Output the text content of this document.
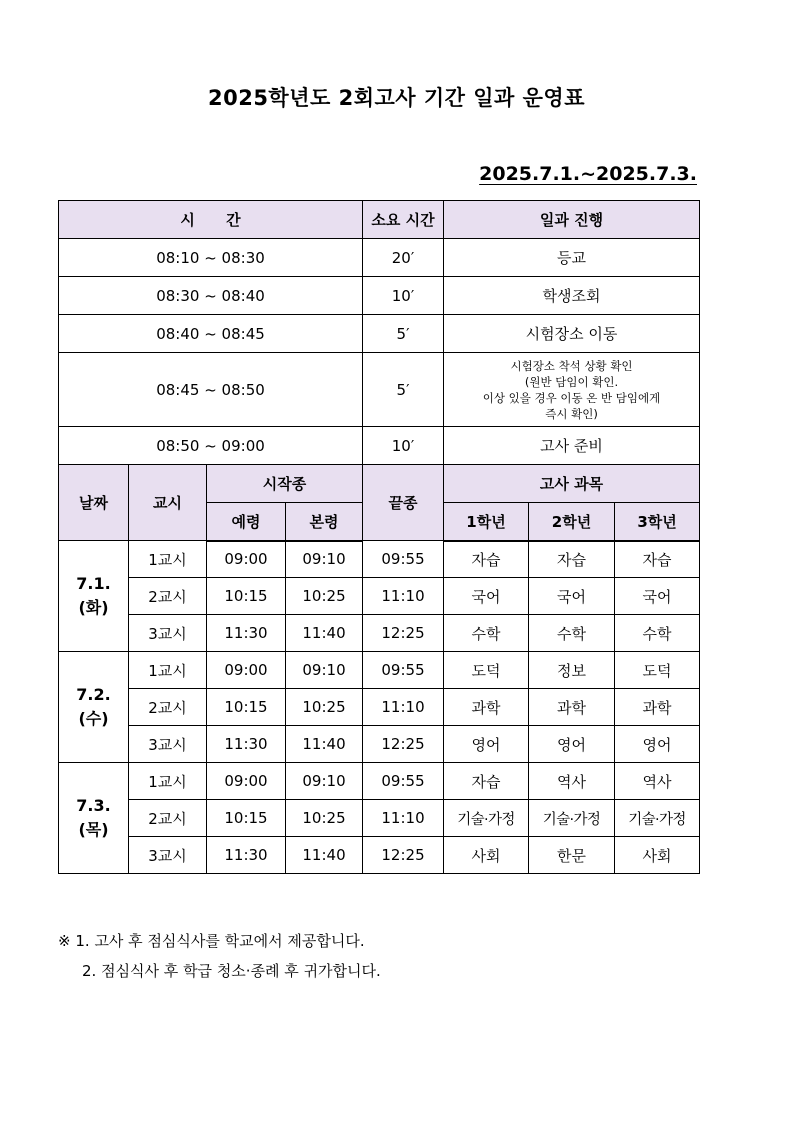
2025학년도 2회고사 기간 일과 운영표
2025.7.1.~2025.7.3.
시      간				소요 시간	일과 진행		
08:10 ~ 08:30				20′	등교		
08:30 ~ 08:40				10′	학생조회		
08:40 ~ 08:45				5′	시험장소 이동		
08:45 ~ 08:50				5′	시험장소 착석 상황 확인
(원반 담임이 확인.
이상 있을 경우 이동 온 반 담임에게
즉시 확인)		

08:50 ~ 09:00				10′	고사 준비		
날짜	교시	시작종		끝종	고사 과목		
		예령	본령		1학년	2학년	3학년

7.1.
(화)	1교시	09:00	09:10	09:55	자습	자습	자습
	2교시	10:15	10:25	11:10	국어	국어	국어
	3교시	11:30	11:40	12:25	수학	수학	수학

7.2.
(수)	1교시	09:00	09:10	09:55	도덕	정보	도덕
	2교시	10:15	10:25	11:10	과학	과학	과학
	3교시	11:30	11:40	12:25	영어	영어	영어

7.3.
(목)	1교시	09:00	09:10	09:55	자습	역사	역사
	2교시	10:15	10:25	11:10	기술·가정	기술·가정	기술·가정
	3교시	11:30	11:40	12:25	사회	한문	사회
※ 1. 고사 후 점심식사를 학교에서 제공합니다.
2. 점심식사 후 학급 청소·종례 후 귀가합니다.
